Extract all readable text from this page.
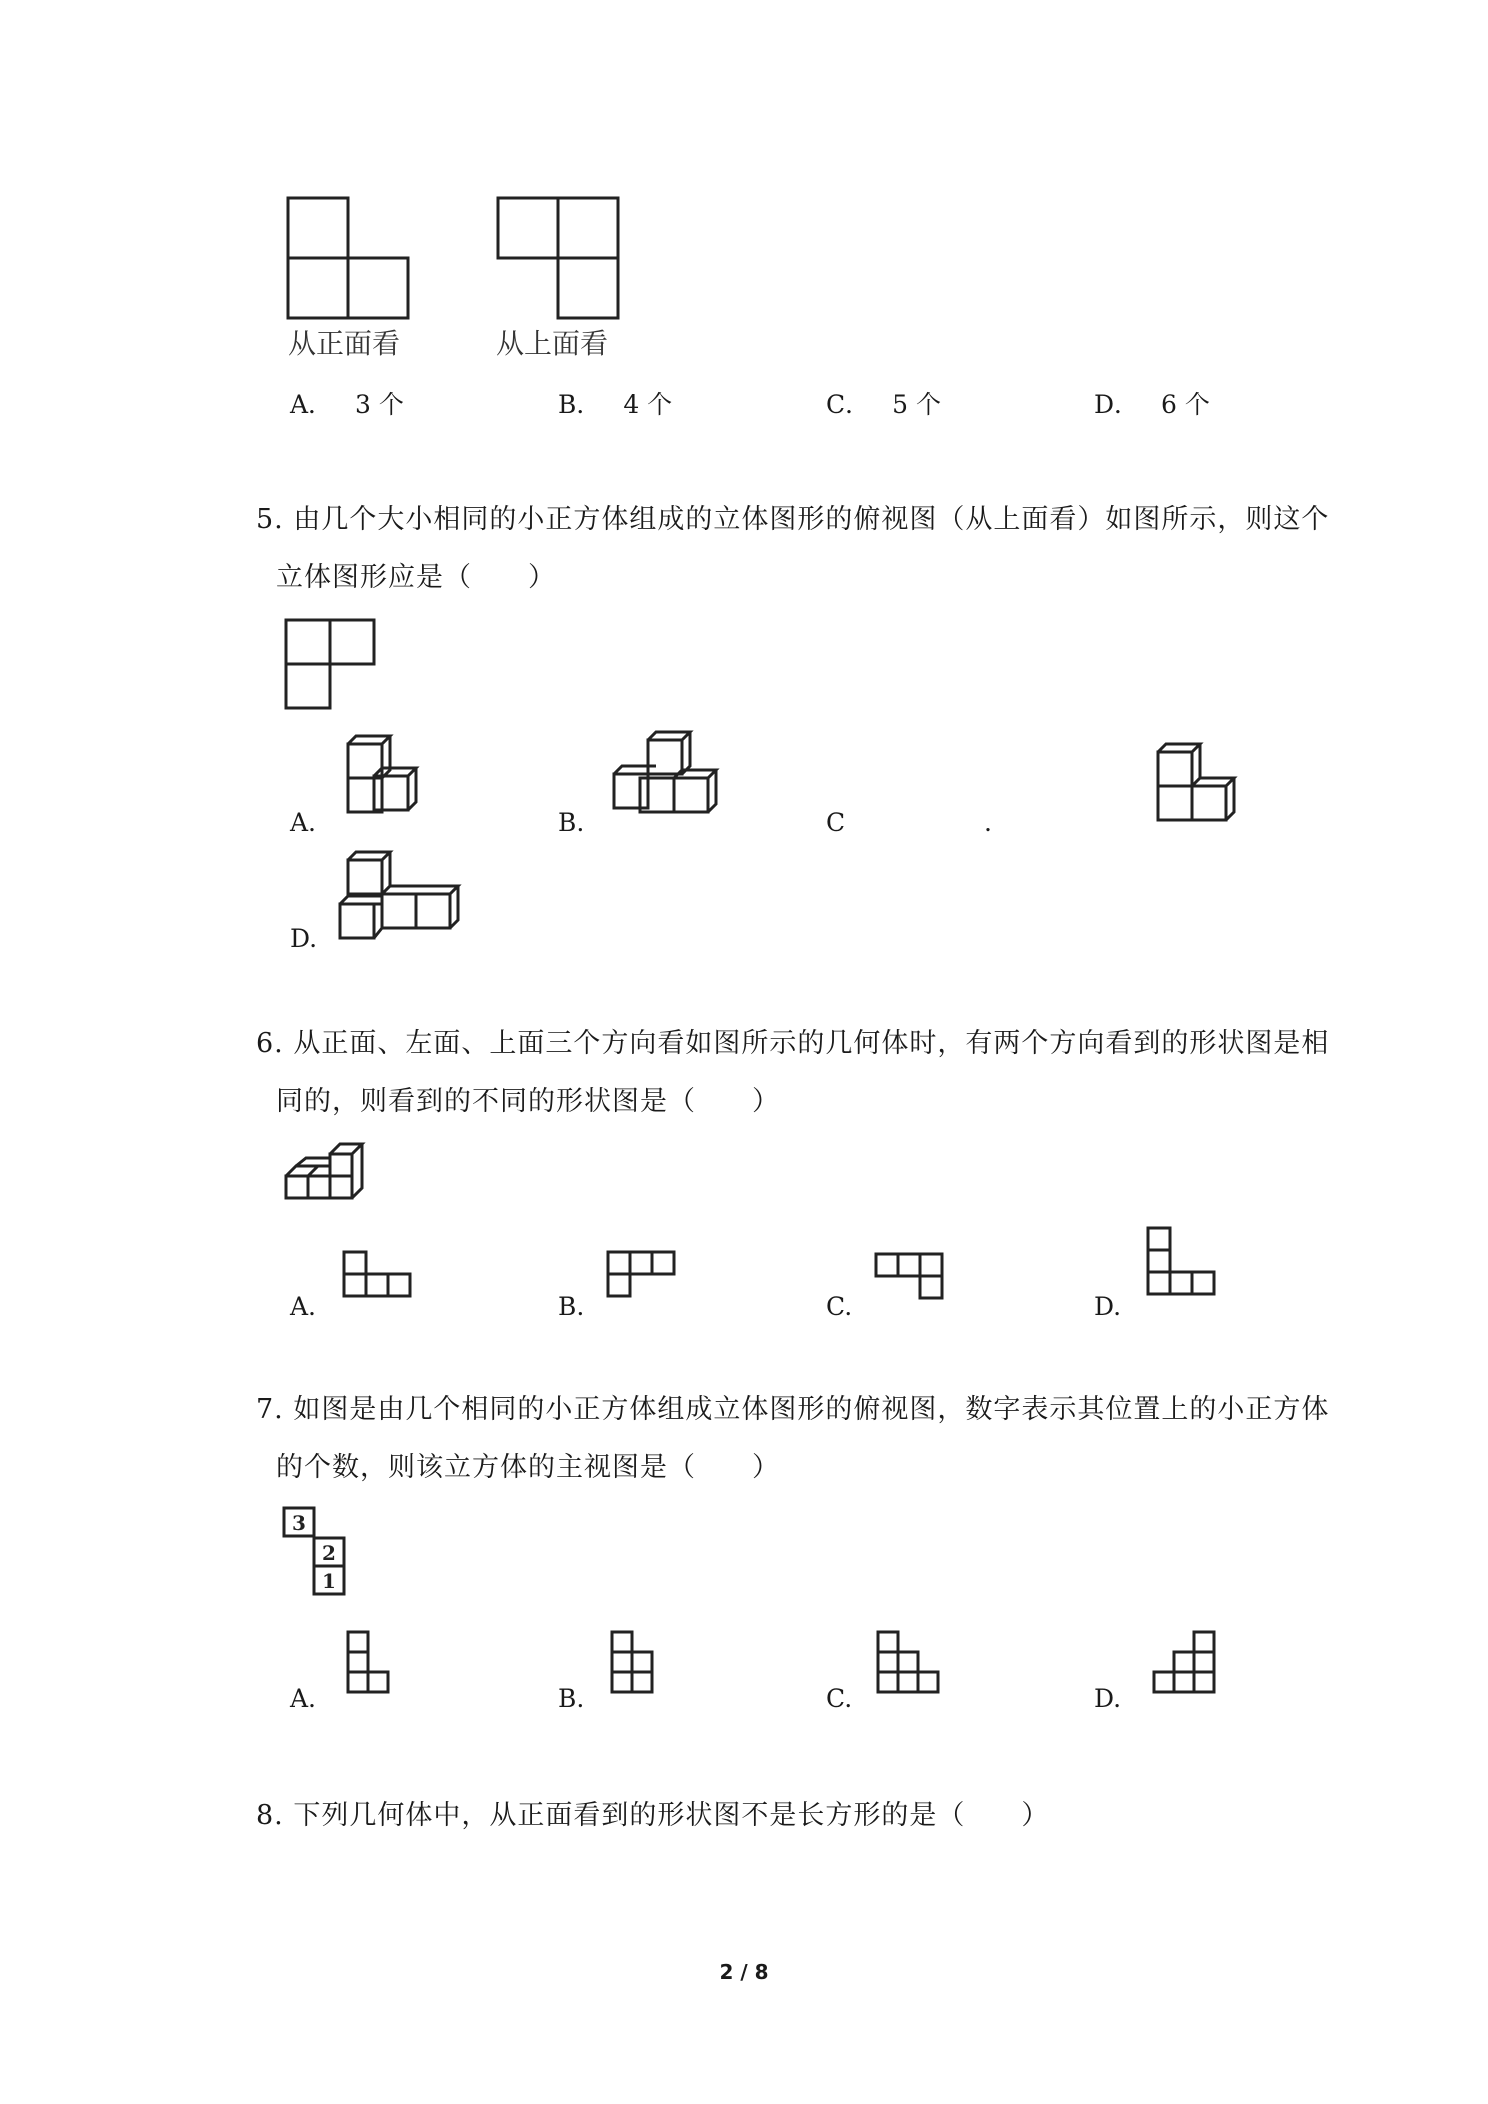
从正面看	从上面看
A． 3 个	B． 4 个	C． 5 个	D． 6 个
5. 由几个大小相同的小正方体组成的立体图形的俯视图（从上面看）如图所示，则这个
立体图形应是（　　）
A.	B.	C	.
D.
6. 从正面、左面、上面三个方向看如图所示的几何体时，有两个方向看到的形状图是相
同的，则看到的不同的形状图是（　　）
A.	B.	C.	D.
7. 如图是由几个相同的小正方体组成立体图形的俯视图，数字表示其位置上的小正方体
的个数，则该立方体的主视图是（　　）
3
2
1
A.	B.	C.	D.
8. 下列几何体中，从正面看到的形状图不是长方形的是（　　）
2 / 8
